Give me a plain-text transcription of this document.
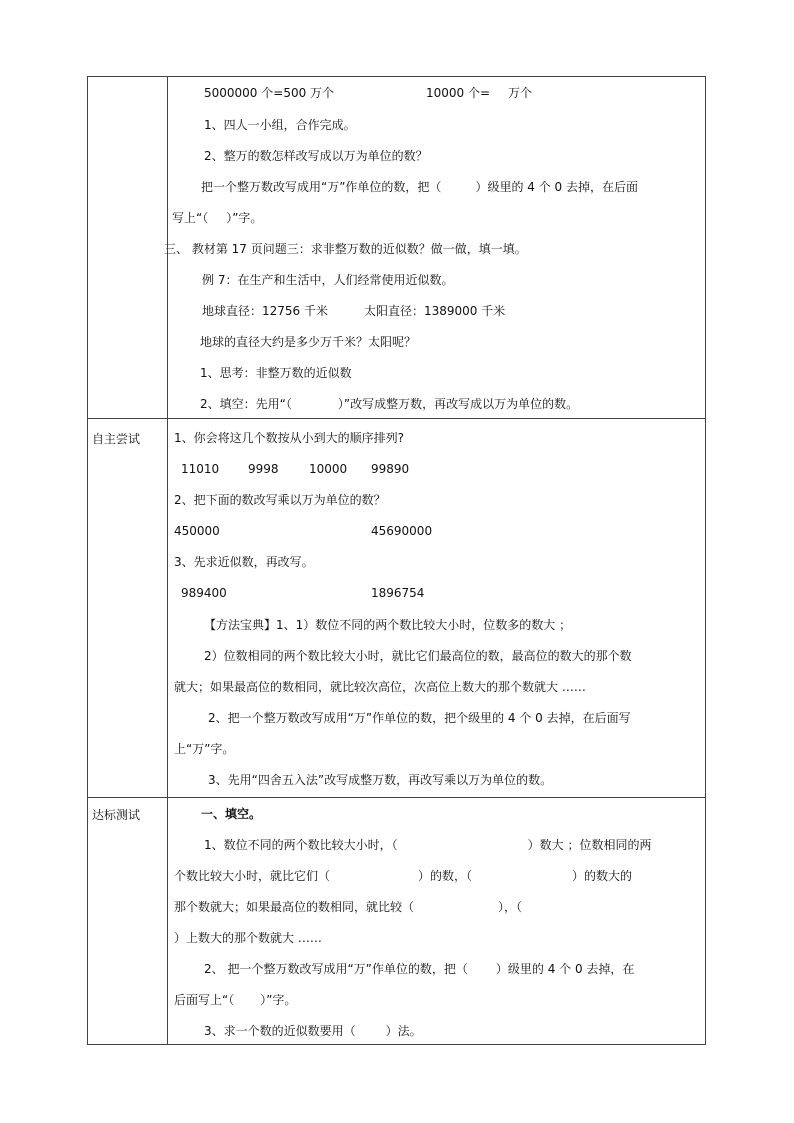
5000000 个=500 万个	10000 个= 万个
1、四人一小组，合作完成。
2、整万的数怎样改写成以万为单位的数？
把一个整万数改写成用“万”作单位的数，把（	）级里的 4 个 0 去掉，在后面
写上“（ ）”字。
三、 教材第 17 页问题三：求非整万数的近似数？做一做，填一填。
例 7：在生产和生活中，人们经常使用近似数。
地球直径：12756 千米	太阳直径：1389000 千米
地球的直径大约是多少万千米？太阳呢？
1、思考：非整万数的近似数
2、填空：先用“（	）”改写成整万数，再改写成以万为单位的数。
自主尝试	1、你会将这几个数按从小到大的顺序排列?
11010 9998	10000 99890
2、把下面的数改写乘以万为单位的数？
450000	45690000
3、先求近似数，再改写。
989400	1896754
【方法宝典】1、1）数位不同的两个数比较大小时，位数多的数大 ；
2）位数相同的两个数比较大小时，就比它们最高位的数，最高位的数大的那个数
就大；如果最高位的数相同，就比较次高位，次高位上数大的那个数就大 ……
2、把一个整万数改写成用“万”作单位的数，把个级里的 4 个 0 去掉，在后面写
上“万”字。
3、先用“四舍五入法”改写成整万数，再改写乘以万为单位的数。
达标测试	一、填空。
1、数位不同的两个数比较大小时，（	）数大 ；位数相同的两
个数比较大小时，就比它们（	）的数，（	）的数大的
那个数就大；如果最高位的数相同，就比较（	），（
）上数大的那个数就大 ……
2、 把一个整万数改写成用“万”作单位的数，把（ ）级里的 4 个 0 去掉，在
后面写上“（ ）”字。
3、求一个数的近似数要用（	）法。
